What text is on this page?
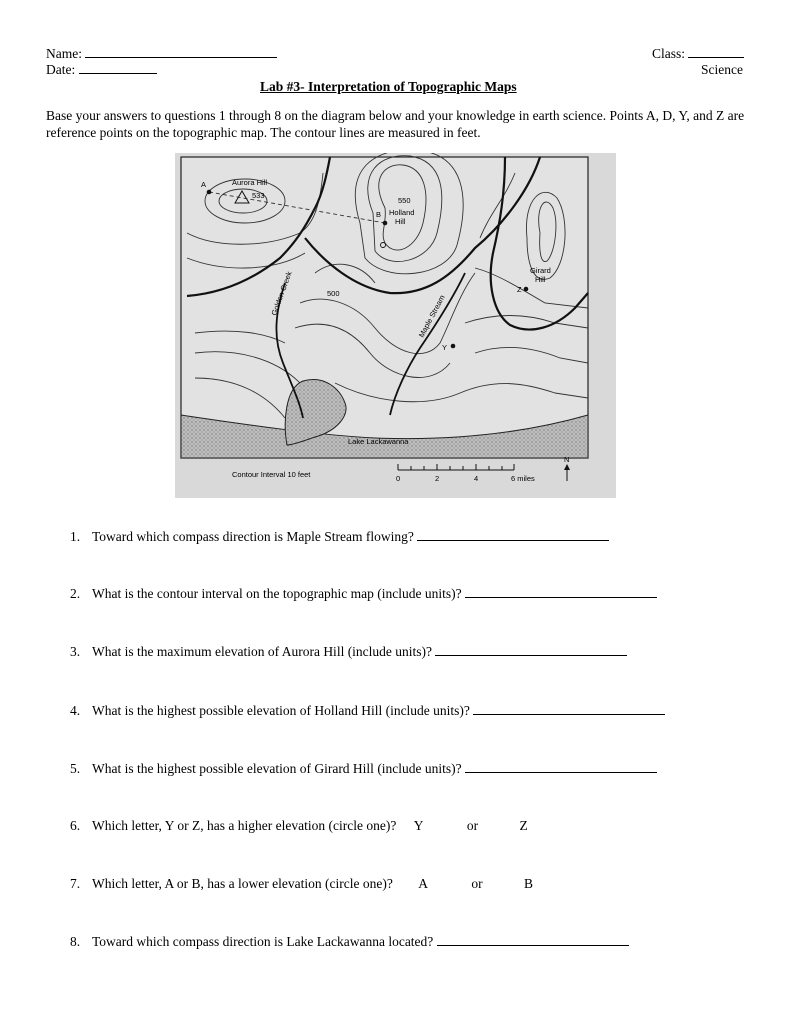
Name:
Date:
Class:
Science
Lab #3- Interpretation of Topographic Maps
Base your answers to questions 1 through 8 on the diagram below and your knowledge in earth science. Points A, D, Y, and Z are reference points on the topographic map. The contour lines are measured in feet.
Aurora Hill
533
A
550
B Holland
Hill
Girard
Hill
Z
Y
500
Golden Creek	Maple Stream
Lake Lackawanna
Contour Interval 10 feet	0	2	4	6 miles
N
1. Toward which compass direction is Maple Stream flowing?
2. What is the contour interval on the topographic map (include units)?
3. What is the maximum elevation of Aurora Hill (include units)?
4. What is the highest possible elevation of Holland Hill (include units)?
5. What is the highest possible elevation of Girard Hill (include units)?
6. Which letter, Y or Z, has a higher elevation (circle one)? Y	or	Z
7. Which letter, A or B, has a lower elevation (circle one)? A	or	B
8. Toward which compass direction is Lake Lackawanna located?
